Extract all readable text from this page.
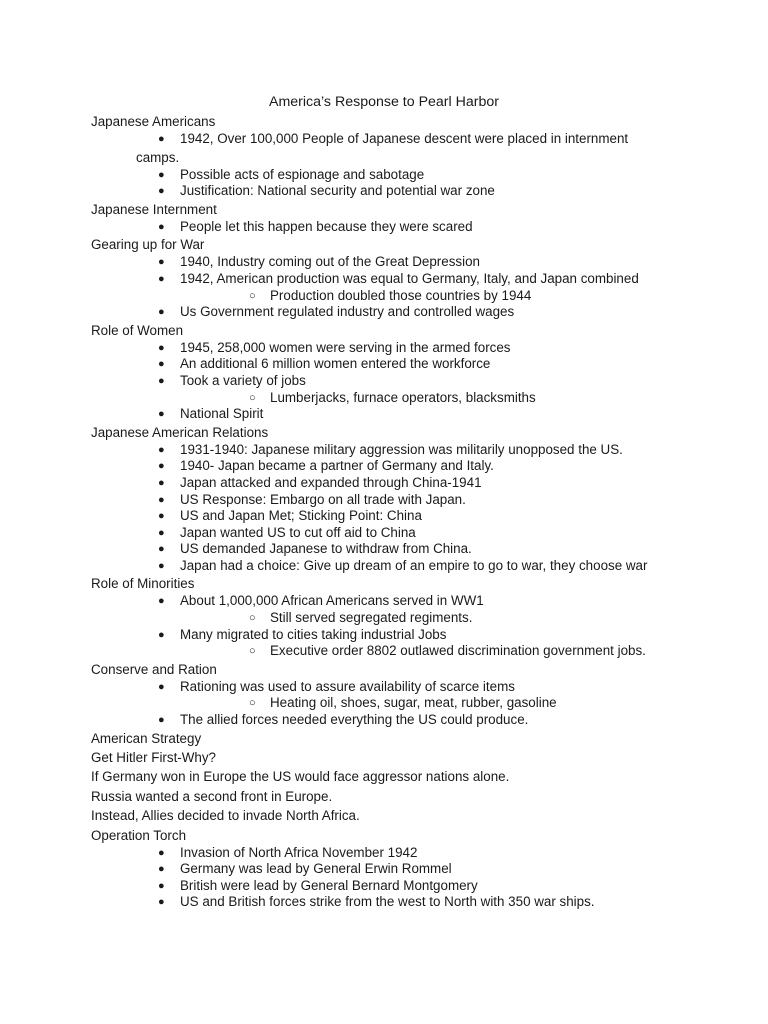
America’s Response to Pearl Harbor
Japanese Americans
● 1942, Over 100,000 People of Japanese descent were placed in internment
camps.
● Possible acts of espionage and sabotage
● Justification: National security and potential war zone
Japanese Internment
● People let this happen because they were scared
Gearing up for War
● 1940, Industry coming out of the Great Depression
● 1942, American production was equal to Germany, Italy, and Japan combined
○ Production doubled those countries by 1944
● Us Government regulated industry and controlled wages
Role of Women
● 1945, 258,000 women were serving in the armed forces
● An additional 6 million women entered the workforce
● Took a variety of jobs
○ Lumberjacks, furnace operators, blacksmiths
● National Spirit
Japanese American Relations
● 1931-1940: Japanese military aggression was militarily unopposed the US.
● 1940- Japan became a partner of Germany and Italy.
● Japan attacked and expanded through China-1941
● US Response: Embargo on all trade with Japan.
● US and Japan Met; Sticking Point: China
● Japan wanted US to cut off aid to China
● US demanded Japanese to withdraw from China.
● Japan had a choice: Give up dream of an empire to go to war, they choose war
Role of Minorities
● About 1,000,000 African Americans served in WW1
○ Still served segregated regiments.
● Many migrated to cities taking industrial Jobs
○ Executive order 8802 outlawed discrimination government jobs.
Conserve and Ration
● Rationing was used to assure availability of scarce items
○ Heating oil, shoes, sugar, meat, rubber, gasoline
● The allied forces needed everything the US could produce.
American Strategy
Get Hitler First-Why?
If Germany won in Europe the US would face aggressor nations alone.
Russia wanted a second front in Europe.
Instead, Allies decided to invade North Africa.
Operation Torch
● Invasion of North Africa November 1942
● Germany was lead by General Erwin Rommel
● British were lead by General Bernard Montgomery
● US and British forces strike from the west to North with 350 war ships.
